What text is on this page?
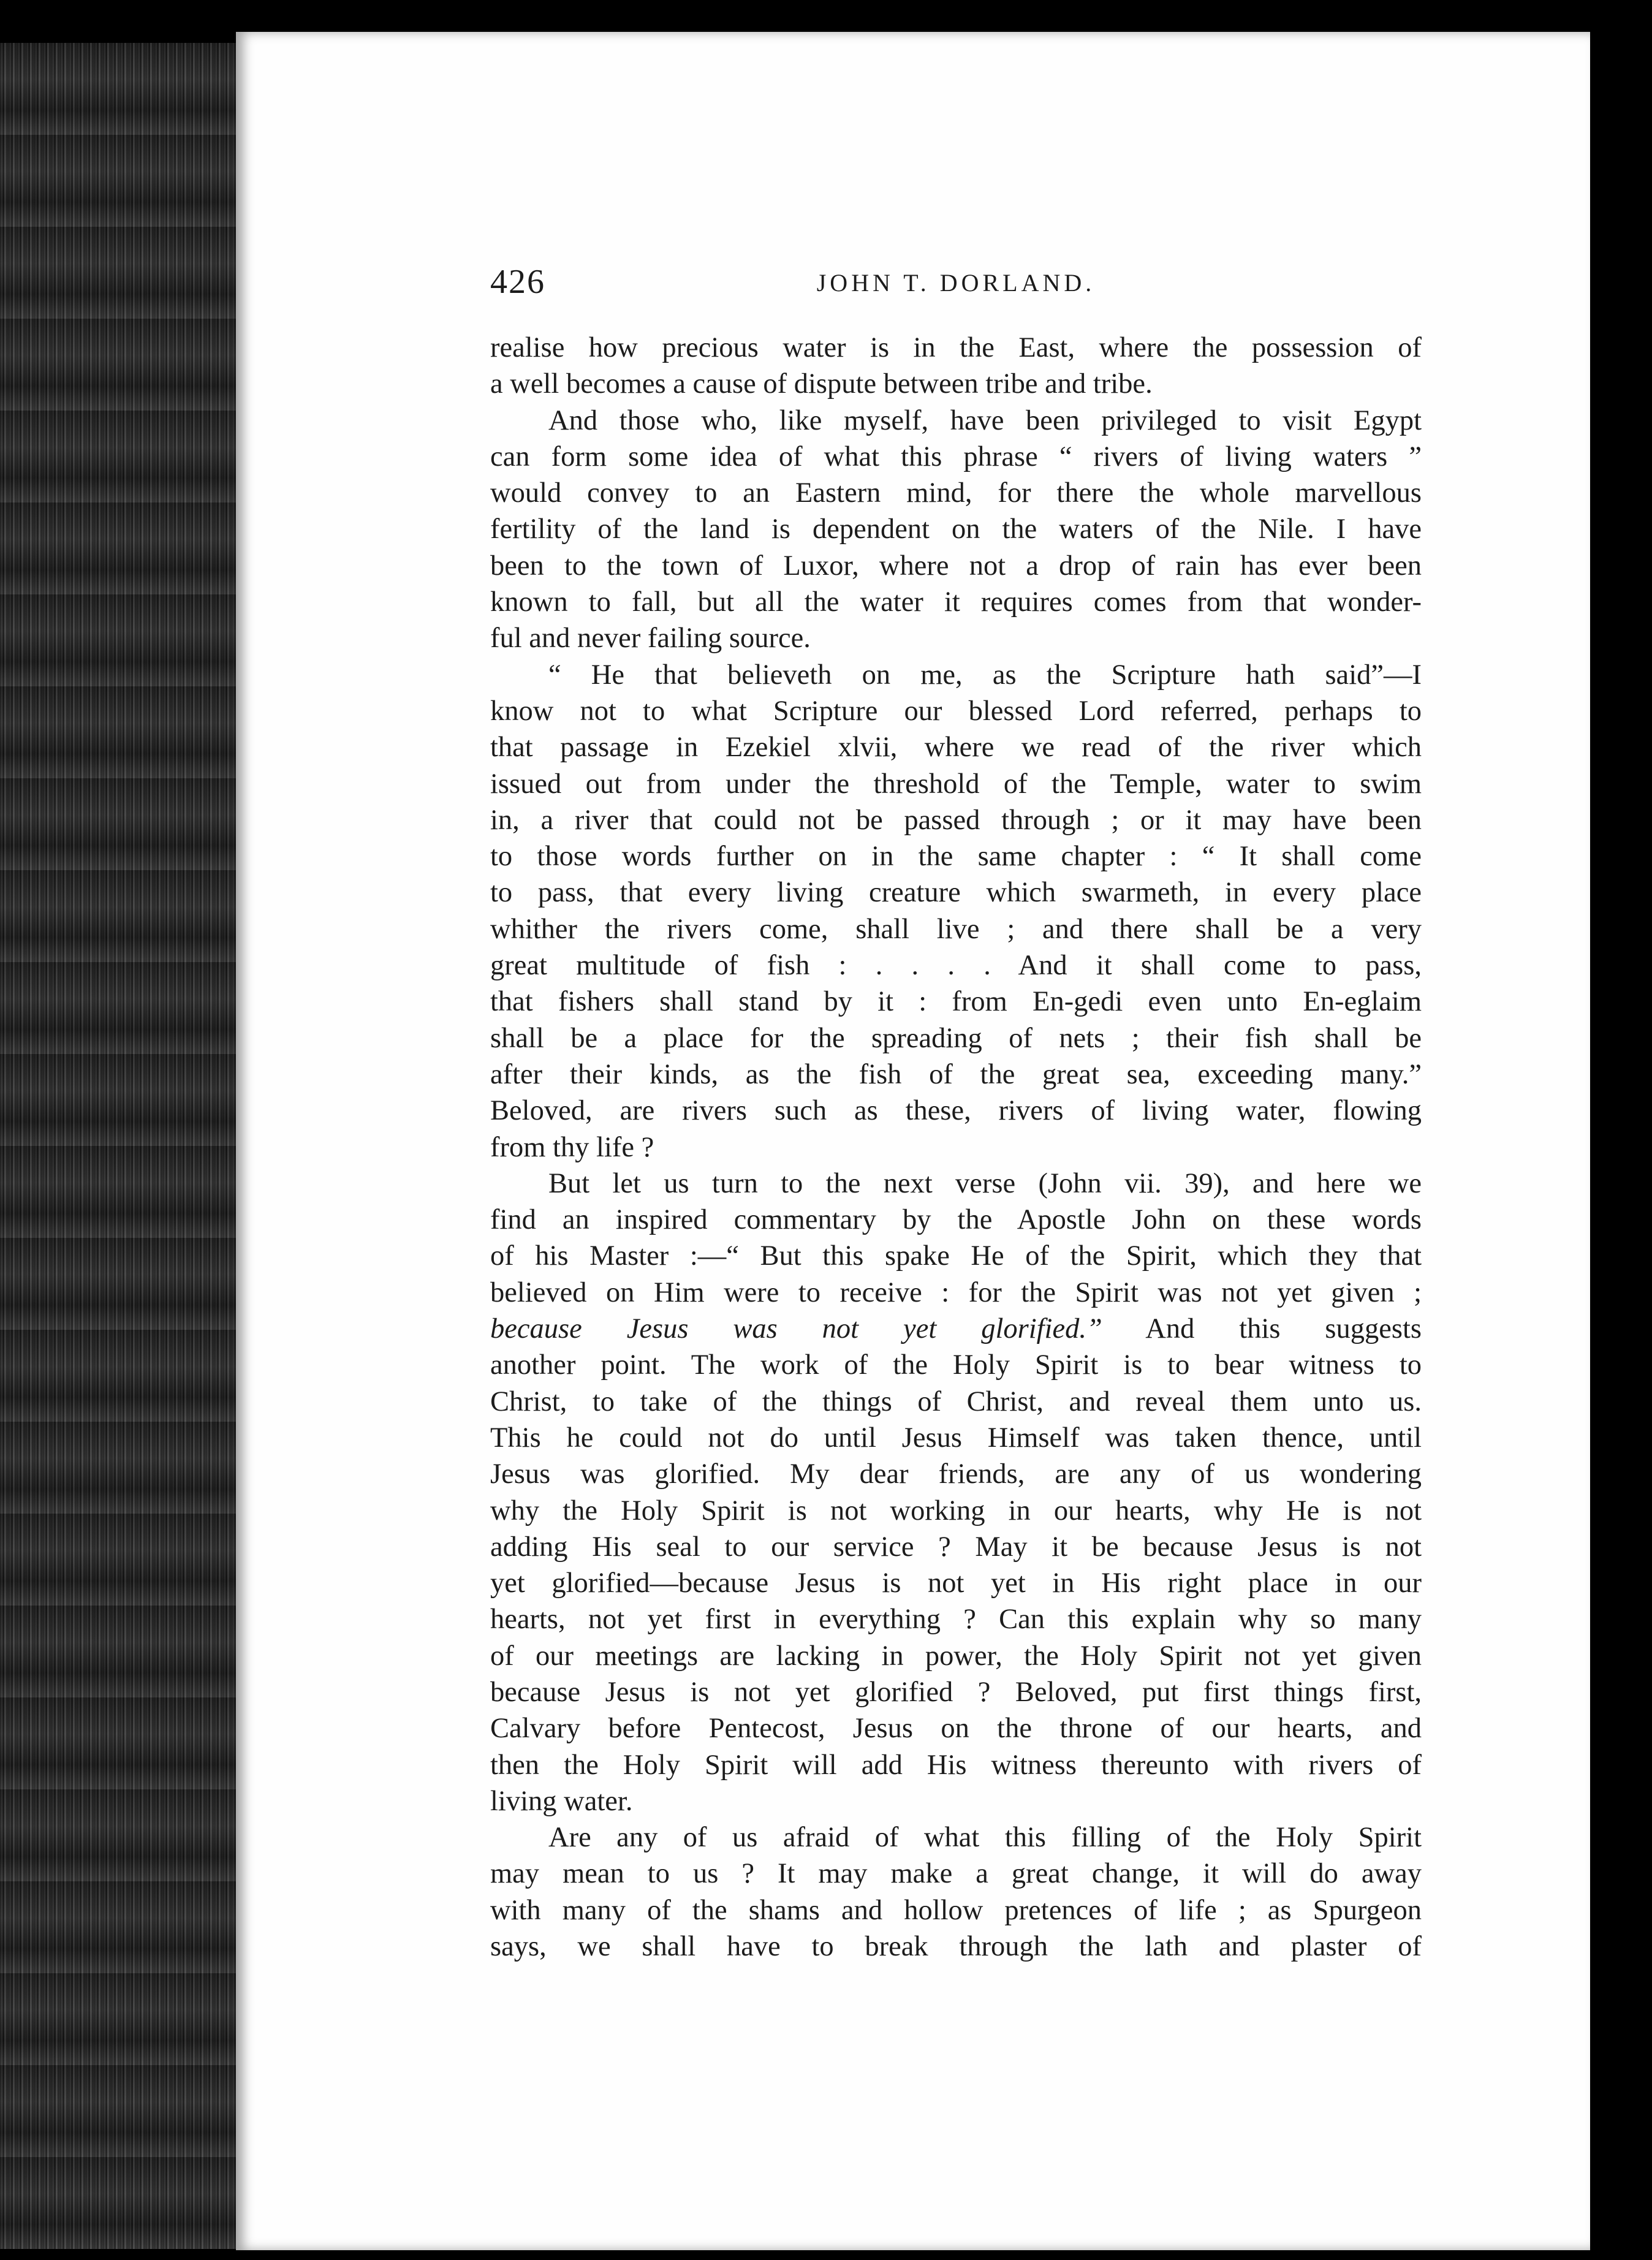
426	JOHN T. DORLAND.
realise how precious water is in the East, where the possession of
a well becomes a cause of dispute between tribe and tribe.
And those who, like myself, have been privileged to visit Egypt
can form some idea of what this phrase “ rivers of living waters ”
would convey to an Eastern mind, for there the whole marvellous
fertility of the land is dependent on the waters of the Nile. I have
been to the town of Luxor, where not a drop of rain has ever been
known to fall, but all the water it requires comes from that wonder-
ful and never failing source.
“ He that believeth on me, as the Scripture hath said”—I
know not to what Scripture our blessed Lord referred, perhaps to
that passage in Ezekiel xlvii, where we read of the river which
issued out from under the threshold of the Temple, water to swim
in, a river that could not be passed through ; or it may have been
to those words further on in the same chapter : “ It shall come
to pass, that every living creature which swarmeth, in every place
whither the rivers come, shall live ; and there shall be a very
great multitude of fish : . . . . And it shall come to pass,
that fishers shall stand by it : from En-gedi even unto En-eglaim
shall be a place for the spreading of nets ; their fish shall be
after their kinds, as the fish of the great sea, exceeding many.”
Beloved, are rivers such as these, rivers of living water, flowing
from thy life ?
But let us turn to the next verse (John vii. 39), and here we
find an inspired commentary by the Apostle John on these words
of his Master :—“ But this spake He of the Spirit, which they that
believed on Him were to receive : for the Spirit was not yet given ;
because Jesus was not yet glorified.” And this suggests
another point. The work of the Holy Spirit is to bear witness to
Christ, to take of the things of Christ, and reveal them unto us.
This he could not do until Jesus Himself was taken thence, until
Jesus was glorified. My dear friends, are any of us wondering
why the Holy Spirit is not working in our hearts, why He is not
adding His seal to our service ? May it be because Jesus is not
yet glorified—because Jesus is not yet in His right place in our
hearts, not yet first in everything ? Can this explain why so many
of our meetings are lacking in power, the Holy Spirit not yet given
because Jesus is not yet glorified ? Beloved, put first things first,
Calvary before Pentecost, Jesus on the throne of our hearts, and
then the Holy Spirit will add His witness thereunto with rivers of
living water.
Are any of us afraid of what this filling of the Holy Spirit
may mean to us ? It may make a great change, it will do away
with many of the shams and hollow pretences of life ; as Spurgeon
says, we shall have to break through the lath and plaster of
